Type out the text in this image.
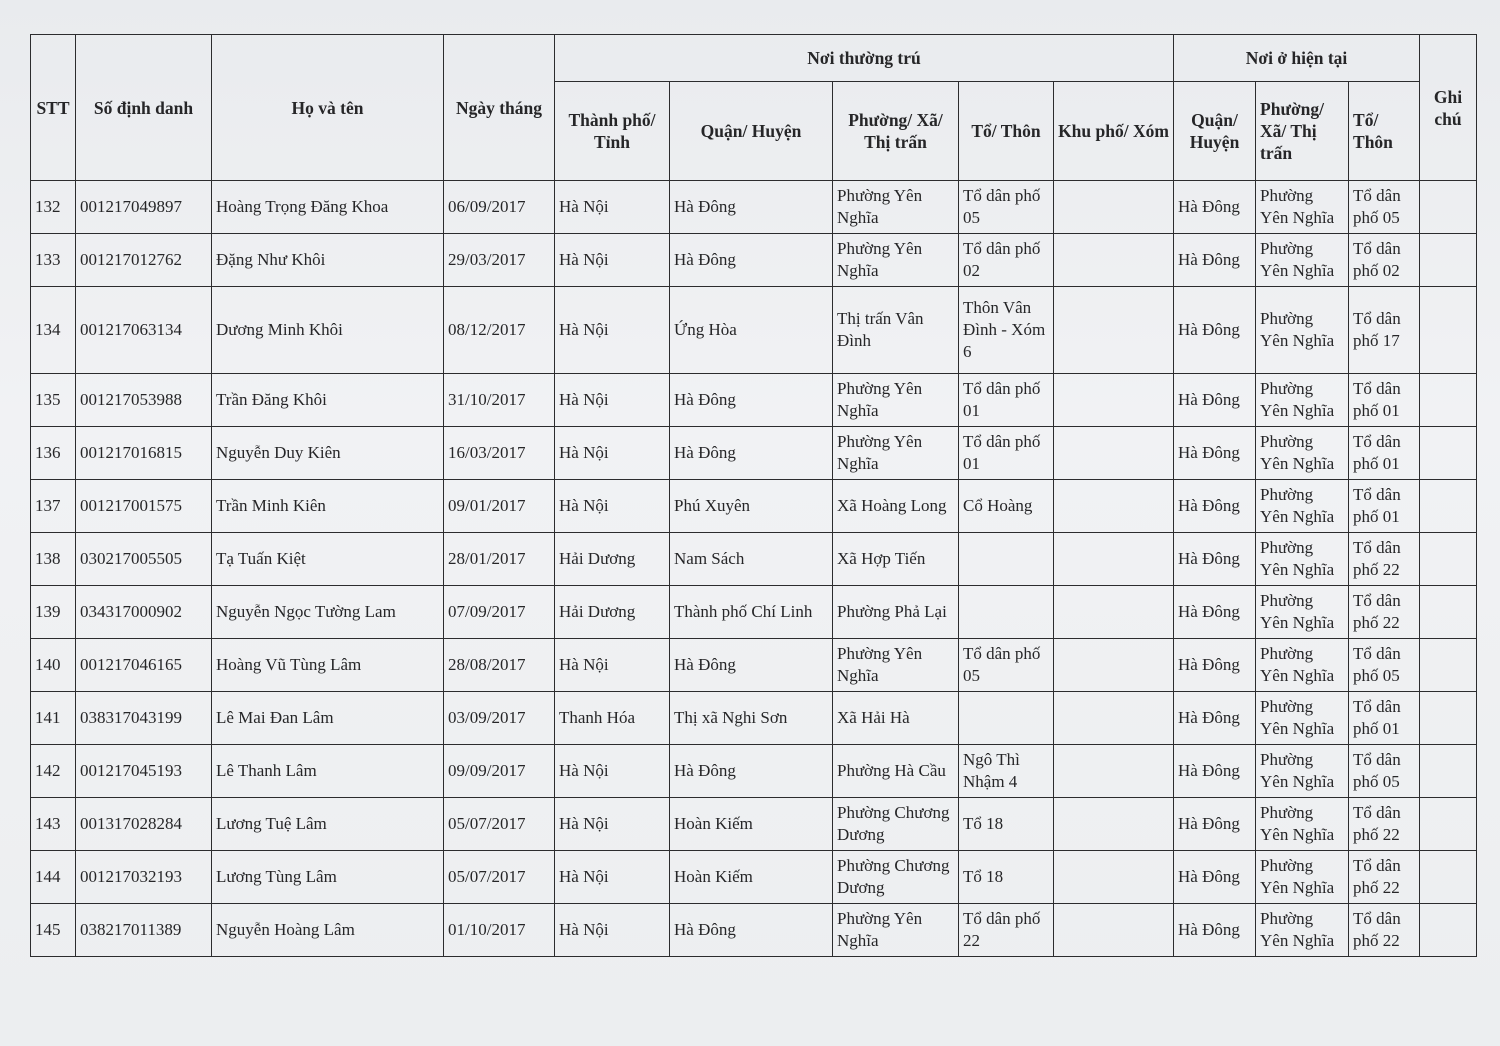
STT	Số định danh	Họ và tên	Ngày tháng	Nơi thường trú					Nơi ở hiện tại			Ghi chú
				Thành phố/ Tỉnh	Quận/ Huyện	Phường/ Xã/ Thị trấn	Tổ/ Thôn	Khu phố/ Xóm	Quận/ Huyện	Phường/ Xã/ Thị trấn	Tổ/ Thôn	
132	001217049897	Hoàng Trọng Đăng Khoa	06/09/2017	Hà Nội	Hà Đông	Phường Yên Nghĩa	Tổ dân phố 05		Hà Đông	Phường Yên Nghĩa	Tổ dân phố 05	
133	001217012762	Đặng Như Khôi	29/03/2017	Hà Nội	Hà Đông	Phường Yên Nghĩa	Tổ dân phố 02		Hà Đông	Phường Yên Nghĩa	Tổ dân phố 02	
134	001217063134	Dương Minh Khôi	08/12/2017	Hà Nội	Ứng Hòa	Thị trấn Vân Đình	Thôn Vân Đình - Xóm 6		Hà Đông	Phường Yên Nghĩa	Tổ dân phố 17	
135	001217053988	Trần Đăng Khôi	31/10/2017	Hà Nội	Hà Đông	Phường Yên Nghĩa	Tổ dân phố 01		Hà Đông	Phường Yên Nghĩa	Tổ dân phố 01	
136	001217016815	Nguyễn Duy Kiên	16/03/2017	Hà Nội	Hà Đông	Phường Yên Nghĩa	Tổ dân phố 01		Hà Đông	Phường Yên Nghĩa	Tổ dân phố 01	
137	001217001575	Trần Minh Kiên	09/01/2017	Hà Nội	Phú Xuyên	Xã Hoàng Long	Cổ Hoàng		Hà Đông	Phường Yên Nghĩa	Tổ dân phố 01	
138	030217005505	Tạ Tuấn Kiệt	28/01/2017	Hải Dương	Nam Sách	Xã Hợp Tiến			Hà Đông	Phường Yên Nghĩa	Tổ dân phố 22	
139	034317000902	Nguyễn Ngọc Tường Lam	07/09/2017	Hải Dương	Thành phố Chí Linh	Phường Phả Lại			Hà Đông	Phường Yên Nghĩa	Tổ dân phố 22	
140	001217046165	Hoàng Vũ Tùng Lâm	28/08/2017	Hà Nội	Hà Đông	Phường Yên Nghĩa	Tổ dân phố 05		Hà Đông	Phường Yên Nghĩa	Tổ dân phố 05	
141	038317043199	Lê Mai Đan Lâm	03/09/2017	Thanh Hóa	Thị xã Nghi Sơn	Xã Hải Hà			Hà Đông	Phường Yên Nghĩa	Tổ dân phố 01	
142	001217045193	Lê Thanh Lâm	09/09/2017	Hà Nội	Hà Đông	Phường Hà Cầu	Ngô Thì Nhậm 4		Hà Đông	Phường Yên Nghĩa	Tổ dân phố 05	
143	001317028284	Lương Tuệ Lâm	05/07/2017	Hà Nội	Hoàn Kiếm	Phường Chương Dương	Tổ 18		Hà Đông	Phường Yên Nghĩa	Tổ dân phố 22	
144	001217032193	Lương Tùng Lâm	05/07/2017	Hà Nội	Hoàn Kiếm	Phường Chương Dương	Tổ 18		Hà Đông	Phường Yên Nghĩa	Tổ dân phố 22	
145	038217011389	Nguyễn Hoàng Lâm	01/10/2017	Hà Nội	Hà Đông	Phường Yên Nghĩa	Tổ dân phố 22		Hà Đông	Phường Yên Nghĩa	Tổ dân phố 22	
